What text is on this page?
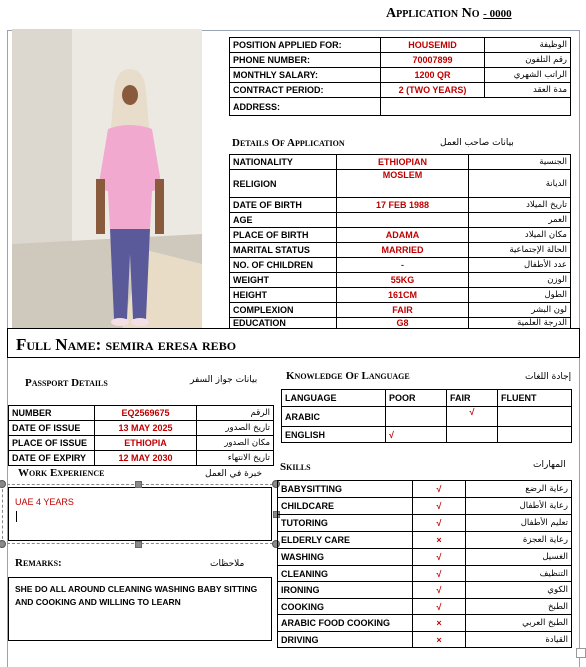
Application No - 0000
POSITION APPLIED FOR:	HOUSEMID	الوظيفة
PHONE NUMBER:	70007899	رقم التلفون
MONTHLY SALARY:	1200 QR	الراتب الشهري
CONTRACT PERIOD:	2 (TWO YEARS)	مدة العقد
ADDRESS:		
Details Of Application	بيانات صاحب العمل
NATIONALITY	ETHIOPIAN	الجنسية
RELIGION	MOSLEM	الديانة
DATE OF BIRTH	17 FEB 1988	تاريخ الميلاد
AGE		العمر
PLACE OF BIRTH	ADAMA	مكان الميلاد
MARITAL STATUS	MARRIED	الحالة الإجتماعية
NO. OF CHILDREN	-	عدد الأطفال
WEIGHT	55KG	الوزن
HEIGHT	161CM	الطول
COMPLEXION	FAIR	لون البشر
EDUCATION	G8	الدرجة العلمية
Full Name: semira eresa rebo
Passport Details	بيانات جواز السفر
NUMBER	EQ2569675	الرقم
DATE OF ISSUE	13 MAY 2025	تاريخ الصدور
PLACE OF ISSUE	ETHIOPIA	مكان الصدور
DATE OF EXPIRY	12 MAY 2030	تاريخ الانتهاء
Work Experience	خبرة في العمل
UAE 4 YEARS
Remarks:	ملاحظات
SHE DO ALL AROUND CLEANING WASHING BABY SITTING AND COOKING AND WILLING TO LEARN
Knowledge Of Language	إجادة اللغات
LANGUAGE	POOR	FAIR	FLUENT
ARABIC		√	
ENGLISH	√		
Skills	المهارات
BABYSITTING	√	رعاية الرضع
CHILDCARE	√	رعاية الأطفال
TUTORING	√	تعليم الأطفال
ELDERLY CARE	×	رعاية العجزة
WASHING	√	الغسيل
CLEANING	√	التنظيف
IRONING	√	الكوي
COOKING	√	الطبخ
ARABIC FOOD COOKING	×	الطبخ العربي
DRIVING	×	القيادة
